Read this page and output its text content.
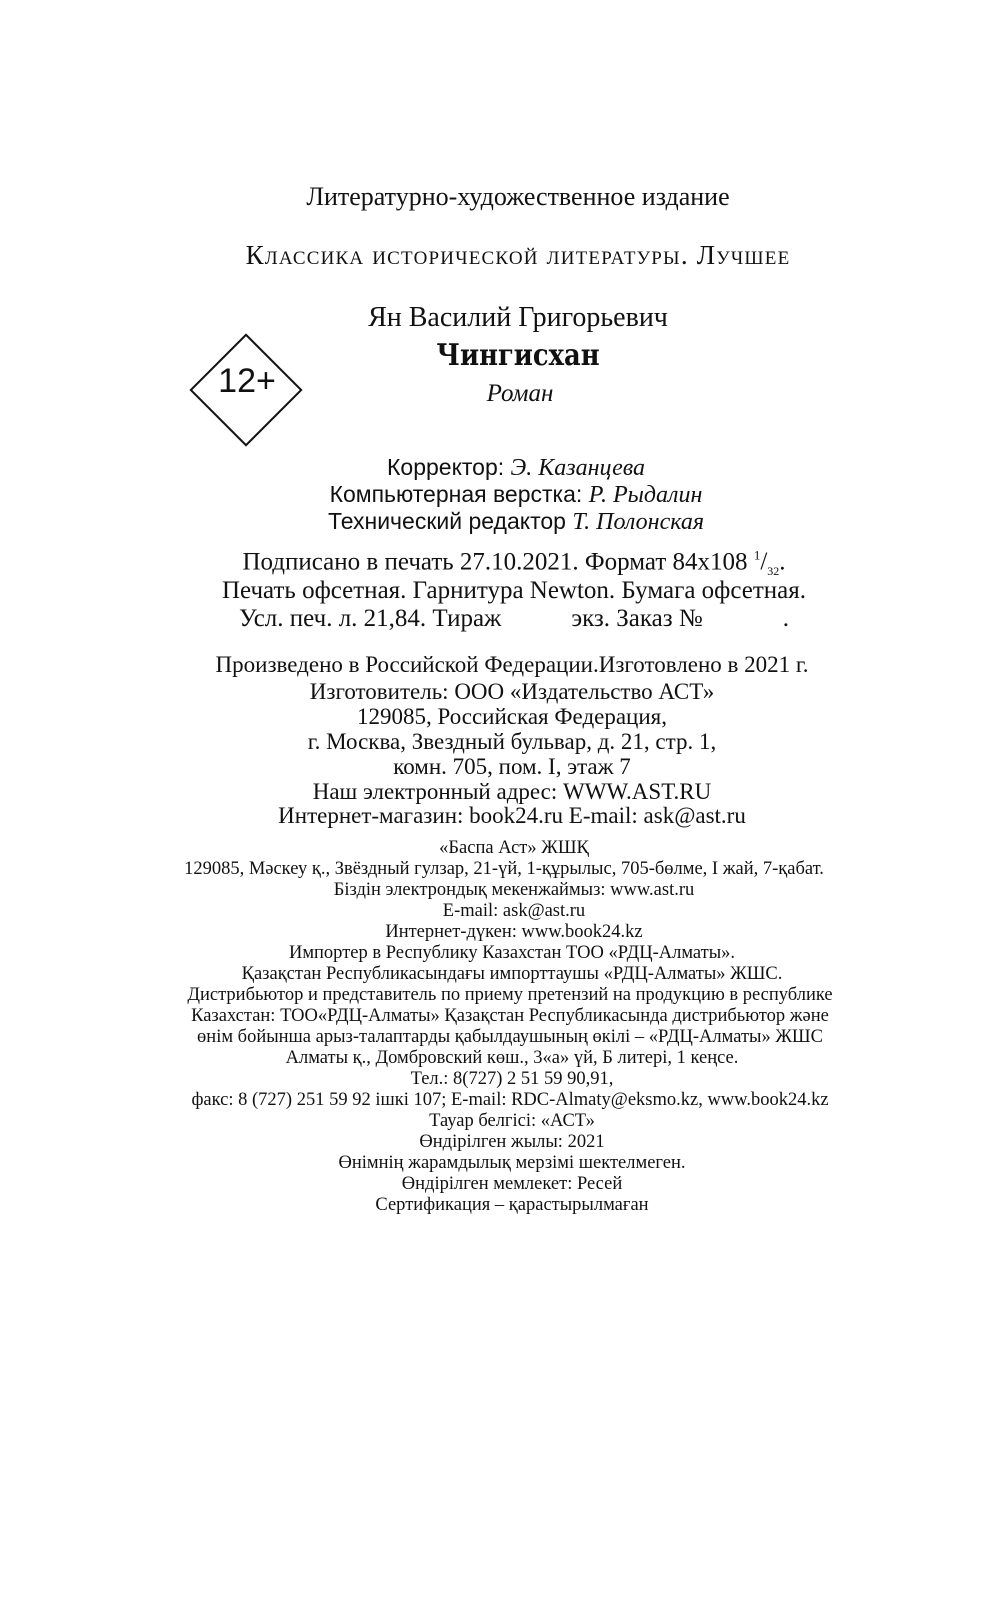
Литературно-художественное издание
Классика исторической литературы. Лучшее
Ян Василий Григорьевич
Чингисхан
Роман
12+
Корректор: Э. Казанцева
Компьютерная верстка: Р. Рыдалин
Технический редактор Т. Полонская
Подписано в печать 27.10.2021. Формат 84x108 $^1/_{32}$.
Печать офсетная. Гарнитура Newton. Бумага офсетная.
Усл. печ. л. 21,84. Тираж	экз. Заказ №	.
Произведено в Российской Федерации.Изготовлено в 2021 г.
Изготовитель: ООО «Издательство АСТ»
129085, Российская Федерация,
г. Москва, Звездный бульвар, д. 21, стр. 1,
комн. 705, пом. I, этаж 7
Наш электронный адрес: WWW.AST.RU
Интернет-магазин: book24.ru E-mail: ask@ast.ru
«Баспа Аст» ЖШҚ
129085, Мәскеу қ., Звёздный гулзар, 21-үй, 1-құрылыс, 705-бөлме, I жай, 7-қабат.
Біздін электрондық мекенжаймыз: www.ast.ru
E-mail: ask@ast.ru
Интернет-дүкен: www.book24.kz
Импортер в Республику Казахстан ТОО «РДЦ-Алматы».
Қазақстан Республикасындағы импорттаушы «РДЦ-Алматы» ЖШС.
Дистрибьютор и представитель по приему претензий на продукцию в республике
Казахстан: ТОО«РДЦ-Алматы» Қазақстан Республикасында дистрибьютор және
өнім бойынша арыз-талаптарды қабылдаушының өкілі – «РДЦ-Алматы» ЖШС
Алматы қ., Домбровский көш., 3«а» үй, Б литері, 1 кеңсе.
Тел.: 8(727) 2 51 59 90,91,
факс: 8 (727) 251 59 92 ішкі 107; E-mail: RDC-Almaty@eksmo.kz, www.book24.kz
Тауар белгісі: «АСТ»
Өндірілген жылы: 2021
Өнімнің жарамдылық мерзімі шектелмеген.
Өндірілген мемлекет: Ресей
Сертификация – қарастырылмаған
